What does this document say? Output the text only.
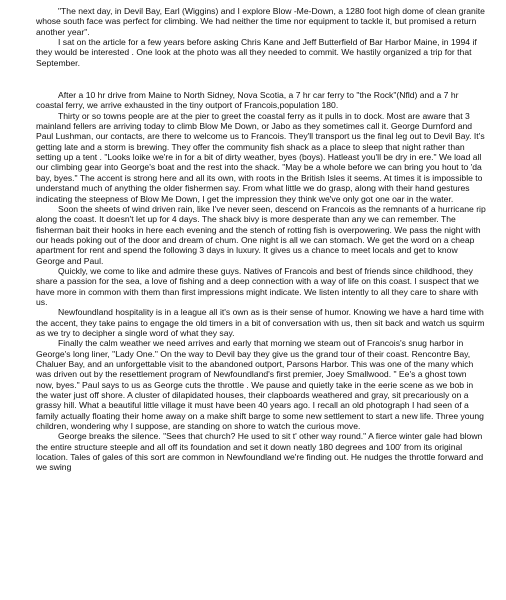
"The next day, in Devil Bay, Earl (Wiggins) and I explore Blow -Me-Down, a 1280 foot high dome of clean granite whose south face was perfect for climbing. We had neither the time nor equipment to tackle it, but promised a return another year".

I sat on the article for a few years before asking Chris Kane and Jeff Butterfield of Bar Harbor Maine, in 1994 if they would be interested . One look at the photo was all they needed to commit. We hastily organized a trip for that September.

After a 10 hr drive from Maine to North Sidney, Nova Scotia, a 7 hr car ferry to "the Rock"(Nfld) and a 7 hr coastal ferry, we arrive exhausted in the tiny outport of Francois,population 180.

Thirty or so towns people are at the pier to greet the coastal ferry as it pulls in to dock. Most are aware that 3 mainland fellers are arriving today to climb Blow Me Down, or Jabo as they sometimes call it. George Durnford and Paul Lushman, our contacts, are there to welcome us to Francois. They'll transport us the final leg out to Devil Bay. It's getting late and a storm is brewing. They offer the community fish shack as a place to sleep that night rather than setting up a tent . "Looks loike we're in for a bit of dirty weather, byes (boys). Hatleast you'll be dry in ere." We load all our climbing gear into George's boat and the rest into the shack. "May be a whole before we can bring you hout to 'da bay, byes." The accent is strong here and all its own, with roots in the British Isles it seems. At times it is impossible to understand much of anything the older fishermen say. From what little we do grasp, along with their hand gestures indicating the steepness of Blow Me Down, I get the impression they think we've only got one oar in the water.

Soon the sheets of wind driven rain, like I've never seen, descend on Francois as the remnants of a hurricane rip along the coast. It doesn't let up for 4 days. The shack bivy is more desperate than any we can remember. The fisherman bait their hooks in here each evening and the stench of rotting fish is overpowering. We pass the night with our heads poking out of the door and dream of chum. One night is all we can stomach. We get the word on a cheap apartment for rent and spend the following 3 days in luxury. It gives us a chance to meet locals and get to know George and Paul.

Quickly, we come to like and admire these guys. Natives of Francois and best of friends since childhood, they share a passion for the sea, a love of fishing and a deep connection with a way of life on this coast. I suspect that we have more in common with them than first impressions might indicate. We listen intently to all they care to share with us.

Newfoundland hospitality is in a league all it's own as is their sense of humor. Knowing we have a hard time with the accent, they take pains to engage the old timers in a bit of conversation with us, then sit back and watch us squirm as we try to decipher a single word of what they say.

Finally the calm weather we need arrives and early that morning we steam out of Francois's snug harbor in George's long liner, "Lady One." On the way to Devil bay they give us the grand tour of their coast. Rencontre Bay, Chaluer Bay, and an unforgettable visit to the abandoned outport, Parsons Harbor. This was one of the many which was driven out by the resettlement program of Newfoundland's first premier, Joey Smallwood. " Ee's a ghost town now, byes." Paul says to us as George cuts the throttle . We pause and quietly take in the eerie scene as we bob in the water just off shore. A cluster of dilapidated houses, their clapboards weathered and gray, sit precariously on a grassy hill. What a beautiful little village it must have been 40 years ago. I recall an old photograph I had seen of a family actually floating their home away on a make shift barge to some new settlement to start a new life. Three young children, wondering why I suppose, are standing on shore to watch the curious move.

George breaks the silence. "Sees that church? He used to sit t' other way round." A fierce winter gale had blown the entire structure steeple and all off its foundation and set it down neatly 180 degrees and 100' from its original location. Tales of gales of this sort are common in Newfoundland we're finding out. He nudges the throttle forward and we swing
